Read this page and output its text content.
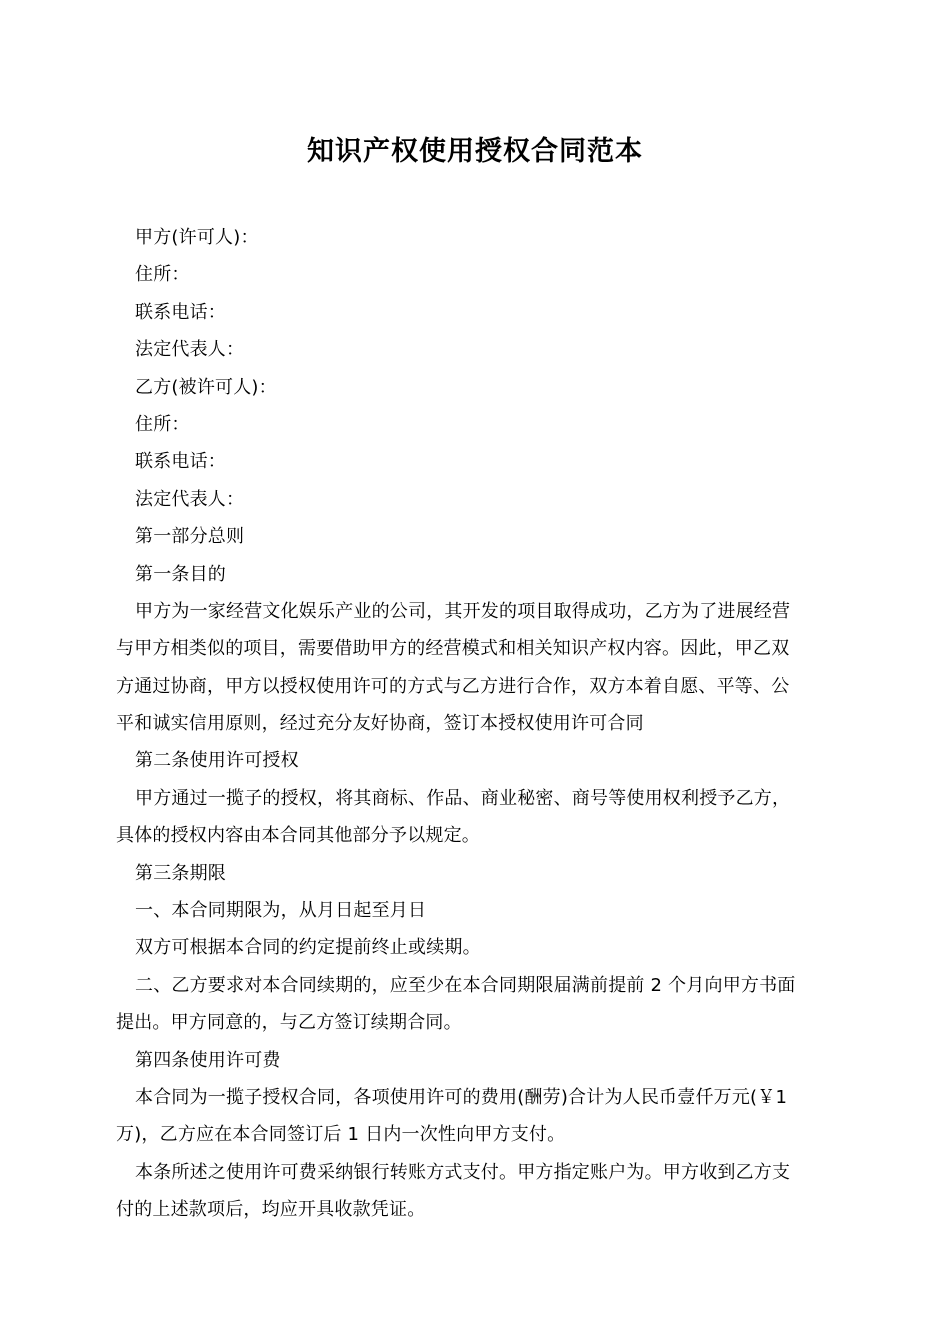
知识产权使用授权合同范本
甲方(许可人)：
住所：
联系电话：
法定代表人：
乙方(被许可人)：
住所：
联系电话：
法定代表人：
第一部分总则
第一条目的
甲方为一家经营文化娱乐产业的公司，其开发的项目取得成功，乙方为了进展经营
与甲方相类似的项目，需要借助甲方的经营模式和相关知识产权内容。因此，甲乙双
方通过协商，甲方以授权使用许可的方式与乙方进行合作，双方本着自愿、平等、公
平和诚实信用原则，经过充分友好协商，签订本授权使用许可合同
第二条使用许可授权
甲方通过一揽子的授权，将其商标、作品、商业秘密、商号等使用权利授予乙方，
具体的授权内容由本合同其他部分予以规定。
第三条期限
一、本合同期限为，从月日起至月日
双方可根据本合同的约定提前终止或续期。
二、乙方要求对本合同续期的，应至少在本合同期限届满前提前 2 个月向甲方书面
提出。甲方同意的，与乙方签订续期合同。
第四条使用许可费
本合同为一揽子授权合同，各项使用许可的费用(酬劳)合计为人民币壹仟万元(￥1
万)，乙方应在本合同签订后 1 日内一次性向甲方支付。
本条所述之使用许可费采纳银行转账方式支付。甲方指定账户为。甲方收到乙方支
付的上述款项后，均应开具收款凭证。
